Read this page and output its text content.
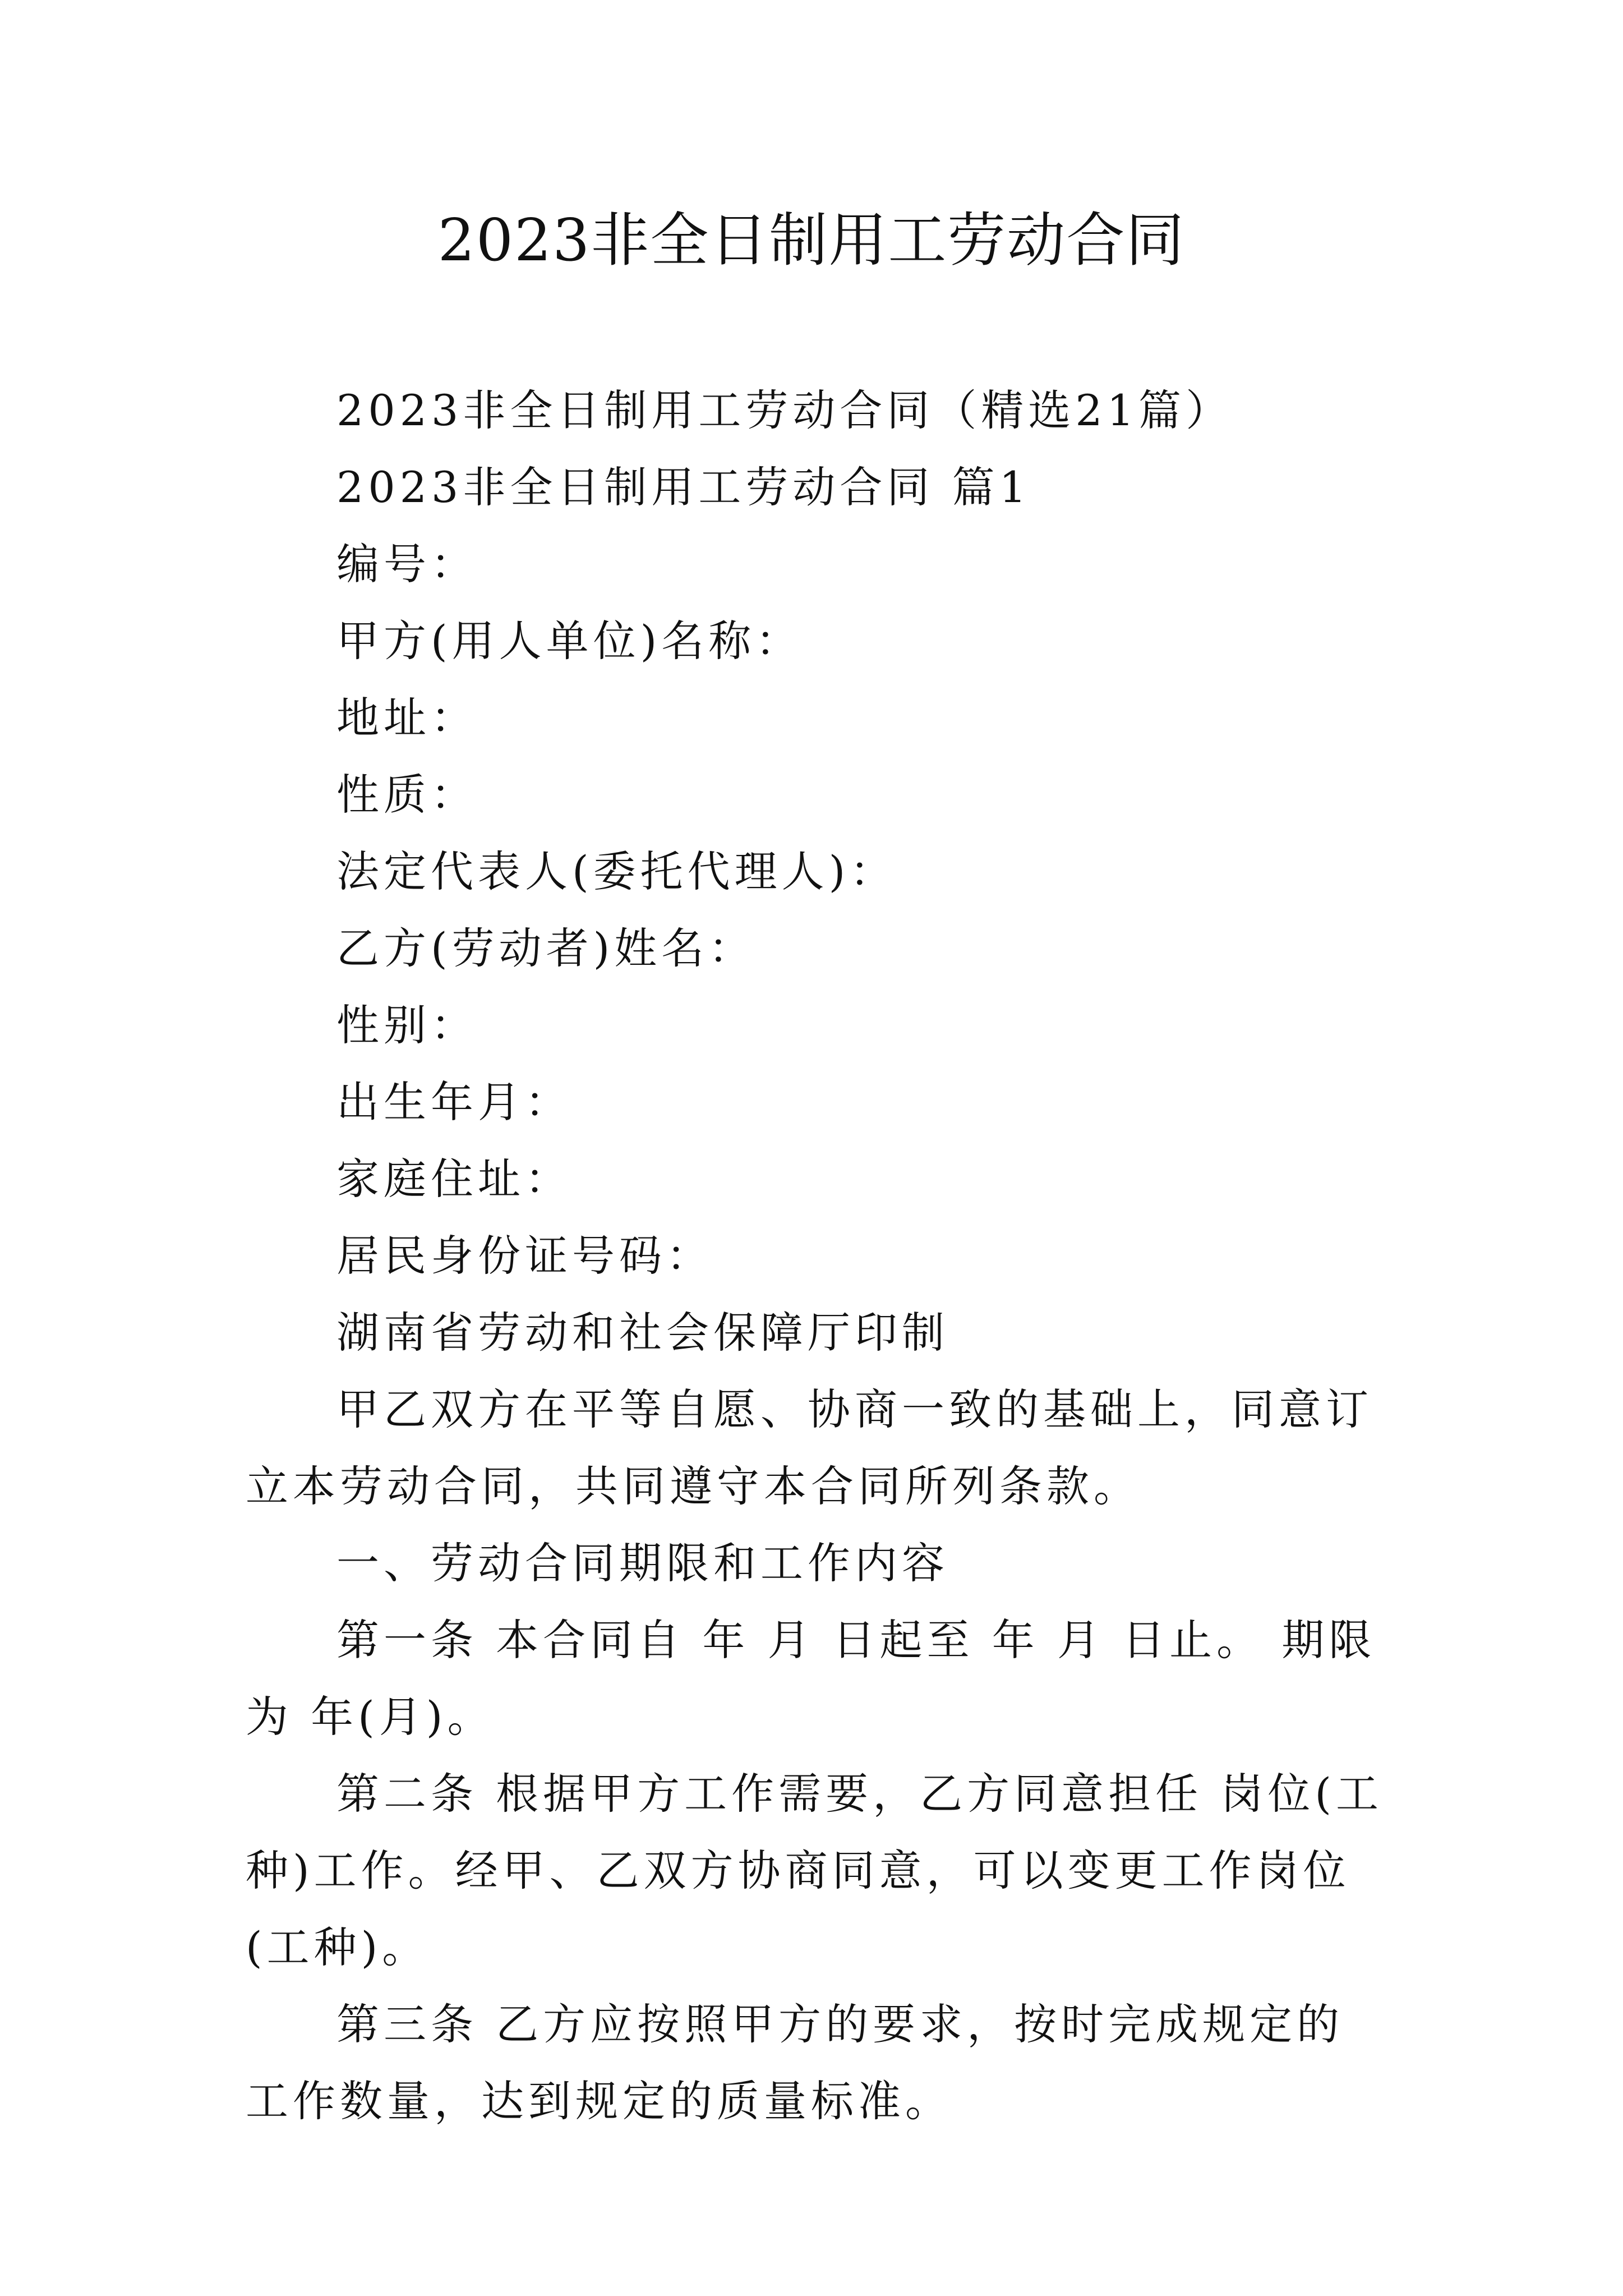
2023非全日制用工劳动合同

2023非全日制用工劳动合同（精选21篇）

2023非全日制用工劳动合同 篇1

编号：

甲方(用人单位)名称：

地址：

性质：

法定代表人(委托代理人)：

乙方(劳动者)姓名：

性别：

出生年月：

家庭住址：

居民身份证号码：

湖南省劳动和社会保障厅印制

甲乙双方在平等自愿、协商一致的基础上，同意订立本劳动合同，共同遵守本合同所列条款。

一、劳动合同期限和工作内容

第一条 本合同自 年 月 日起至 年 月 日止。 期限为 年(月)。

第二条 根据甲方工作需要，乙方同意担任 岗位(工种)工作。经甲、乙双方协商同意，可以变更工作岗位(工种)。

第三条 乙方应按照甲方的要求，按时完成规定的工作数量，达到规定的质量标准。
